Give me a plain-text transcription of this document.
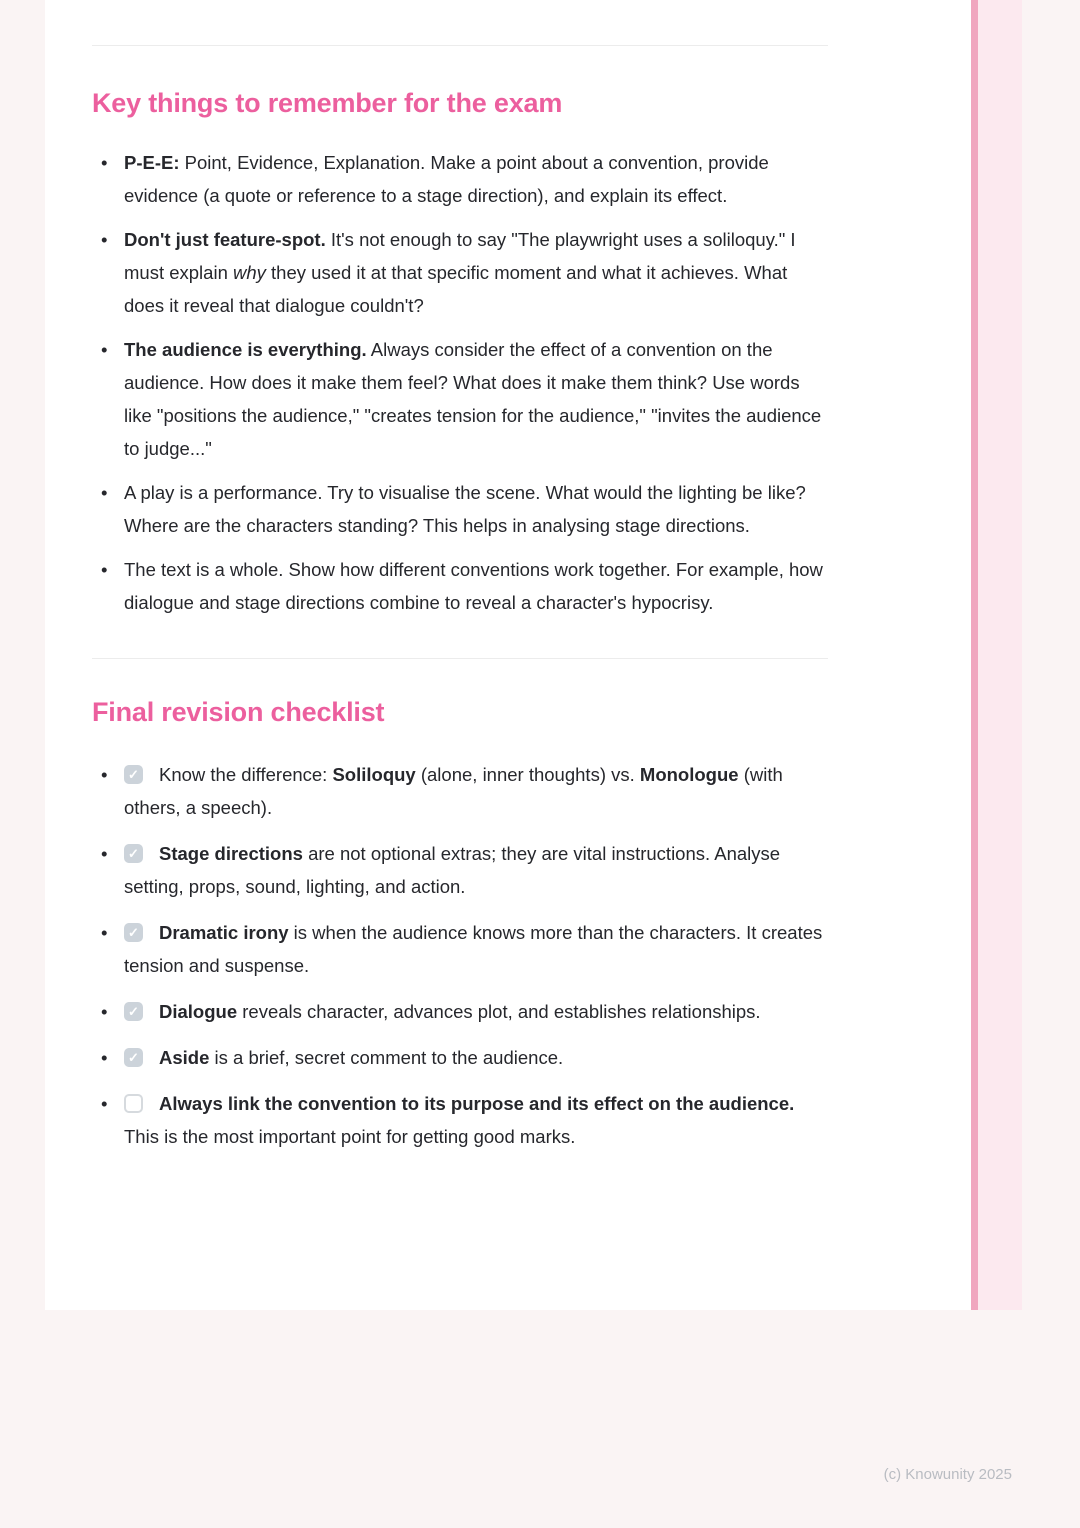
Key things to remember for the exam
• P-E-E: Point, Evidence, Explanation. Make a point about a convention, provide evidence (a quote or reference to a stage direction), and explain its effect.
• Don't just feature-spot. It's not enough to say "The playwright uses a soliloquy." I must explain why they used it at that specific moment and what it achieves. What does it reveal that dialogue couldn't?
• The audience is everything. Always consider the effect of a convention on the audience. How does it make them feel? What does it make them think? Use words like "positions the audience," "creates tension for the audience," "invites the audience to judge..."
• A play is a performance. Try to visualise the scene. What would the lighting be like? Where are the characters standing? This helps in analysing stage directions.
• The text is a whole. Show how different conventions work together. For example, how dialogue and stage directions combine to reveal a character's hypocrisy.
Final revision checklist
✓• Know the difference: Soliloquy (alone, inner thoughts) vs. Monologue (with others, a speech).
✓• Stage directions are not optional extras; they are vital instructions. Analyse setting, props, sound, lighting, and action.
✓• Dramatic irony is when the audience knows more than the characters. It creates tension and suspense.
✓• Dialogue reveals character, advances plot, and establishes relationships.
✓• Aside is a brief, secret comment to the audience.
• Always link the convention to its purpose and its effect on the audience. This is the most important point for getting good marks.
(c) Knowunity 2025
